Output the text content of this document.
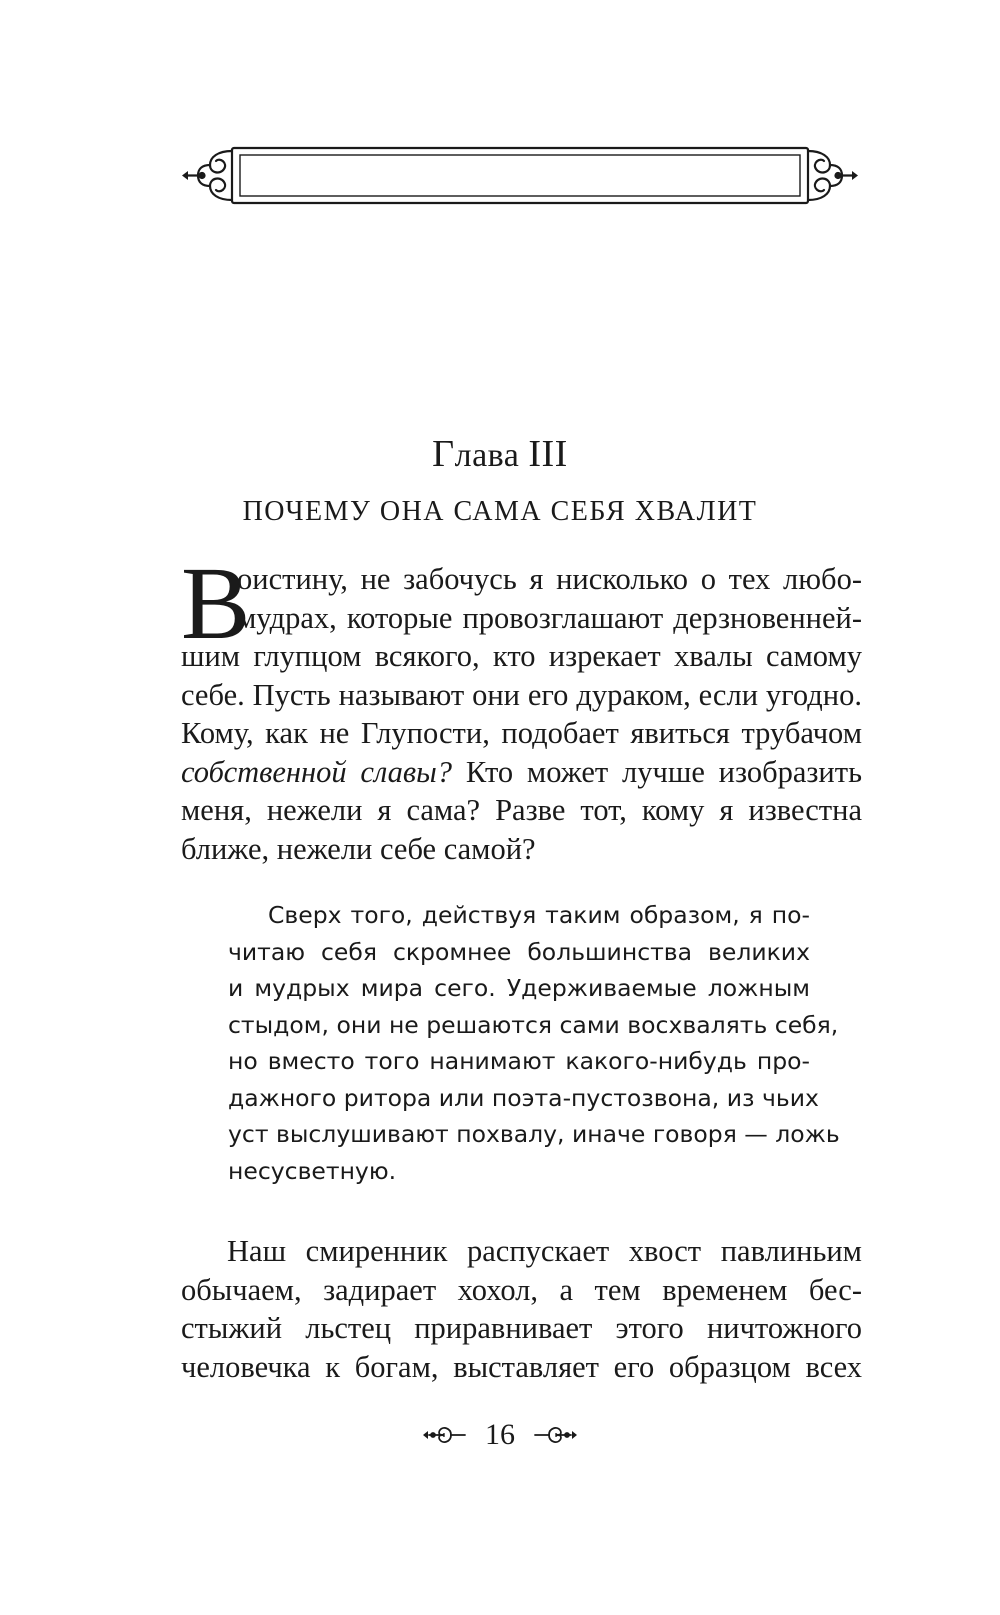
Глава III
ПОЧЕМУ ОНА САМА СЕБЯ ХВАЛИТ
В
оистину, не забочусь я нисколько о тех любо-
мудрах, которые провозглашают дерзновенней-
шим глупцом всякого, кто изрекает хвалы самому
себе. Пусть называют они его дураком, если угодно.
Кому, как не Глупости, подобает явиться трубачом
собственной славы? Кто может лучше изобразить
меня, нежели я сама? Разве тот, кому я известна
ближе, нежели себе самой?
Сверх того, действуя таким образом, я по-
читаю себя скромнее большинства великих
и мудрых мира сего. Удерживаемые ложным
стыдом, они не решаются сами восхвалять себя,
но вместо того нанимают какого-нибудь про-
дажного ритора или поэта-пустозвона, из чьих
уст выслушивают похвалу, иначе говоря — ложь
несусветную.
Наш смиренник распускает хвост павлиньим
обычаем, задирает хохол, а тем временем бес-
стыжий льстец приравнивает этого ничтожного
человечка к богам, выставляет его образцом всех
16
